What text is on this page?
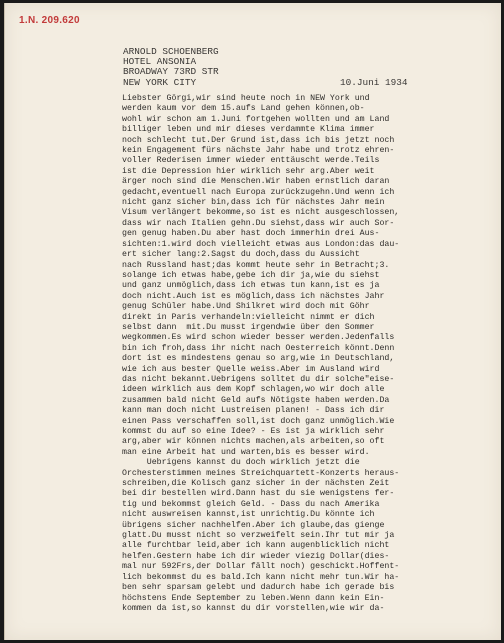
1.N. 209.620
ARNOLD SCHOENBERG
HOTEL ANSONIA
BROADWAY 73RD STR
NEW YORK CITY	10.Juni 1934
Liebster Görgi,wir sind heute noch in NEW York und
werden kaum vor dem 15.aufs Land gehen können,ob-
wohl wir schon am 1.Juni fortgehen wollten und am Land
billiger leben und mir dieses verdammte Klima immer
noch schlecht tut.Der Grund ist,dass ich bis jetzt noch
kein Engagement fürs nächste Jahr habe und trotz ehren-
voller Rederisen immer wieder enttäuscht werde.Teils
ist die Depression hier wirklich sehr arg.Aber weit
ärger noch sind die Menschen.Wir haben ernstlich daran
gedacht,eventuell nach Europa zurückzugehn.Und wenn ich
nicht ganz sicher bin,dass ich für nächstes Jahr mein
Visum verlängert bekomme,so ist es nicht ausgeschlossen,
dass wir nach Italien gehn.Du siehst,dass wir auch Sor-
gen genug haben.Du aber hast doch immerhin drei Aus-
sichten:1.wird doch vielleicht etwas aus London:das dau-
ert sicher lang:2.Sagst du doch,dass du Aussicht
nach Russland hast;das kommt heute sehr in Betracht;3.
solange ich etwas habe,gebe ich dir ja,wie du siehst
und ganz unmöglich,dass ich etwas tun kann,ist es ja
doch nicht.Auch ist es möglich,dass ich nächstes Jahr
genug Schüler habe.Und Shilkret wird doch mit Göhr
direkt in Paris verhandeln:vielleicht nimmt er dich
selbst dann  mit.Du musst irgendwie über den Sommer
wegkommen.Es wird schon wieder besser werden.Jedenfalls
bin ich froh,dass ihr nicht nach Oesterreich könnt.Denn
dort ist es mindestens genau so arg,wie in Deutschland,
wie ich aus bester Quelle weiss.Aber im Ausland wird
das nicht bekannt.Uebrigens solltet du dir solche"eise-
ideen wirklich aus dem Kopf schlagen,wo wir doch alle
zusammen bald nicht Geld aufs Nötigste haben werden.Da
kann man doch nicht Lustreisen planen! - Dass ich dir
einen Pass verschaffen soll,ist doch ganz unmöglich.Wie
kommst du auf so eine Idee? - Es ist ja wirklich sehr
arg,aber wir können nichts machen,als arbeiten,so oft
man eine Arbeit hat und warten,bis es besser wird.
Uebrigens kannst du doch wirklich jetzt die
Orchesterstimmen meines Streichquartett-Konzerts heraus-
schreiben,die Kolisch ganz sicher in der nächsten Zeit
bei dir bestellen wird.Dann hast du sie wenigstens fer-
tig und bekommst gleich Geld. - Dass du nach Amerika
nicht auswreisen kannst,ist unrichtig.Du könnte ich
übrigens sicher nachhelfen.Aber ich glaube,das gienge
glatt.Du musst nicht so verzweifelt sein.Ihr tut mir ja
alle furchtbar leid,aber ich kann augenblicklich nicht
helfen.Gestern habe ich dir wieder viezig Dollar(dies-
mal nur 592Frs,der Dollar fällt noch) geschickt.Hoffent-
lich bekommst du es bald.Ich kann nicht mehr tun.Wir ha-
ben sehr sparsam gelebt und dadurch habe ich gerade bis
höchstens Ende September zu leben.Wenn dann kein Ein-
kommen da ist,so kannst du dir vorstellen,wie wir da-
